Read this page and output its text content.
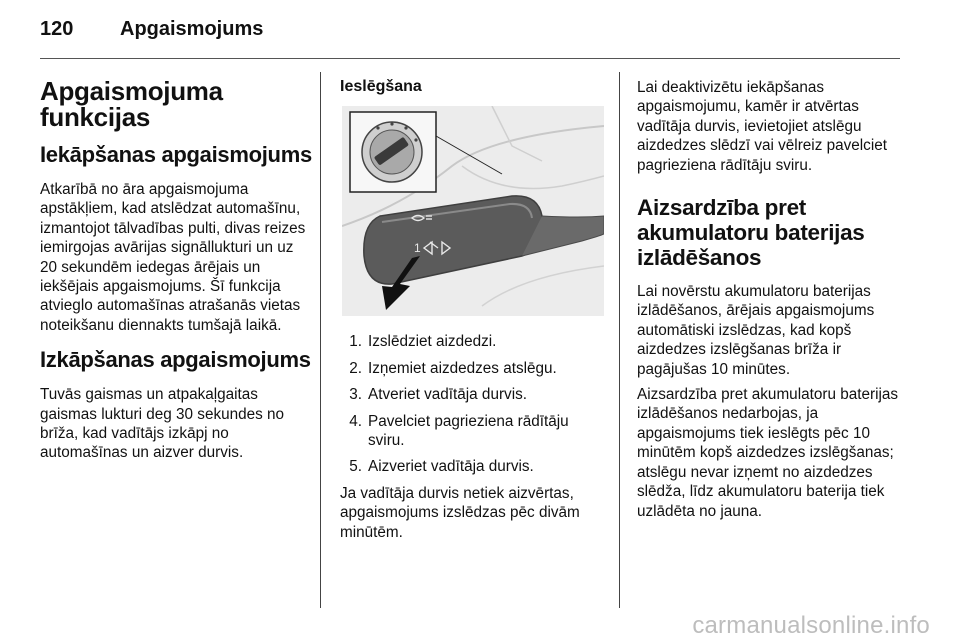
120	Apgaismojums
Apgaismojuma funkcijas
Iekāpšanas apgaismojums

Atkarībā no āra apgaismojuma apstākļiem, kad atslēdzat automašīnu, izmantojot tālvadības pulti, divas reizes iemirgojas avārijas signāllukturi un uz 20 sekundēm iedegas ārējais un iekšējais apgaismojums. Šī funkcija atvieglo automašīnas atrašanās vietas noteikšanu diennakts tumšajā laikā.

Izkāpšanas apgaismojums

Tuvās gaismas un atpakaļgaitas gaismas lukturi deg 30 sekundes no brīža, kad vadītājs izkāpj no automašīnas un aizver durvis.

Ieslēgšana
1
1. Izslēdziet aizdedzi.
2. Izņemiet aizdedzes atslēgu.
3. Atveriet vadītāja durvis.
4. Pavelciet pagrieziena rādītāju sviru.
5. Aizveriet vadītāja durvis.

Ja vadītāja durvis netiek aizvērtas, apgaismojums izslēdzas pēc divām minūtēm.

Lai deaktivizētu iekāpšanas apgaismojumu, kamēr ir atvērtas vadītāja durvis, ievietojiet atslēgu aizdedzes slēdzī vai vēlreiz pavelciet pagrieziena rādītāju sviru.

Aizsardzība pret akumulatoru baterijas izlādēšanos

Lai novērstu akumulatoru baterijas izlādēšanos, ārējais apgaismojums automātiski izslēdzas, kad kopš aizdedzes izslēgšanas brīža ir pagājušas 10 minūtes.

Aizsardzība pret akumulatoru baterijas izlādēšanos nedarbojas, ja apgaismojums tiek ieslēgts pēc 10 minūtēm kopš aizdedzes izslēgšanas; atslēgu nevar izņemt no aizdedzes slēdža, līdz akumulatoru baterija tiek uzlādēta no jauna.

carmanualsonline.info
